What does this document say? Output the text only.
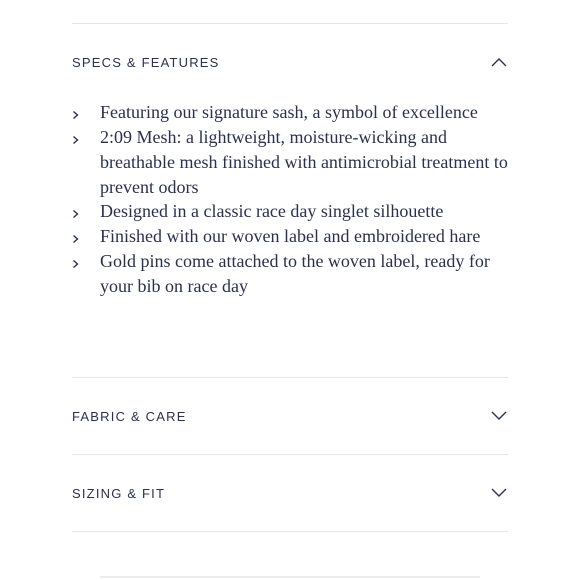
SPECS & FEATURES
Featuring our signature sash, a symbol of excellence
2:09 Mesh: a lightweight, moisture-wicking and breathable mesh finished with antimicrobial treatment to prevent odors
Designed in a classic race day singlet silhouette
Finished with our woven label and embroidered hare
Gold pins come attached to the woven label, ready for your bib on race day
FABRIC & CARE
SIZING & FIT
